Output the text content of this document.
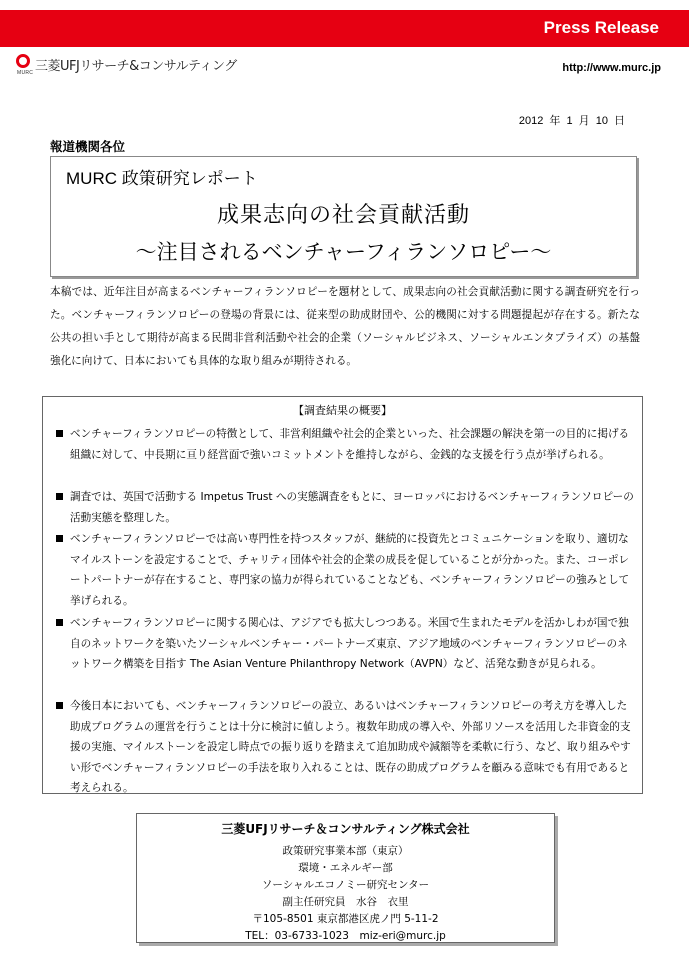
Press Release
MURC 三菱UFJリサーチ&コンサルティング	http://www.murc.jp
2012 年 1 月 10 日
報道機関各位
MURC 政策研究レポート
成果志向の社会貢献活動
～注目されるベンチャーフィランソロピー～
本稿では、近年注目が高まるベンチャーフィランソロピーを題材として、成果志向の社会貢献活動に関する調査研究を行った。ベンチャーフィランソロピーの登場の背景には、従来型の助成財団や、公的機関に対する問題提起が存在する。新たな公共の担い手として期待が高まる民間非営利活動や社会的企業（ソーシャルビジネス、ソーシャルエンタプライズ）の基盤強化に向けて、日本においても具体的な取り組みが期待される。
【調査結果の概要】
ベンチャーフィランソロピーの特徴として、非営利組織や社会的企業といった、社会課題の解決を第一の目的に掲げる組織に対して、中長期に亘り経営面で強いコミットメントを維持しながら、金銭的な支援を行う点が挙げられる。
調査では、英国で活動する Impetus Trust への実態調査をもとに、ヨーロッパにおけるベンチャーフィランソロピーの活動実態を整理した。
ベンチャーフィランソロピーでは高い専門性を持つスタッフが、継続的に投資先とコミュニケーションを取り、適切なマイルストーンを設定することで、チャリティ団体や社会的企業の成長を促していることが分かった。また、コーポレートパートナーが存在すること、専門家の協力が得られていることなども、ベンチャーフィランソロピーの強みとして挙げられる。
ベンチャーフィランソロピーに関する関心は、アジアでも拡大しつつある。米国で生まれたモデルを活かしわが国で独自のネットワークを築いたソーシャルベンチャー・パートナーズ東京、アジア地域のベンチャーフィランソロピーのネットワーク構築を目指す The Asian Venture Philanthropy Network（AVPN）など、活発な動きが見られる。
今後日本においても、ベンチャーフィランソロピーの設立、あるいはベンチャーフィランソロピーの考え方を導入した助成プログラムの運営を行うことは十分に検討に値しよう。複数年助成の導入や、外部リソースを活用した非資金的支援の実施、マイルストーンを設定し時点での振り返りを踏まえて追加助成や減額等を柔軟に行う、など、取り組みやすい形でベンチャーフィランソロピーの手法を取り入れることは、既存の助成プログラムを顧みる意味でも有用であると考えられる。
三菱UFJリサーチ＆コンサルティング株式会社
政策研究事業本部（東京）
環境・エネルギー部
ソーシャルエコノミー研究センター
副主任研究員　水谷　衣里
〒105-8501 東京都港区虎ノ門 5-11-2
TEL：03-6733-1023　miz-eri@murc.jp
